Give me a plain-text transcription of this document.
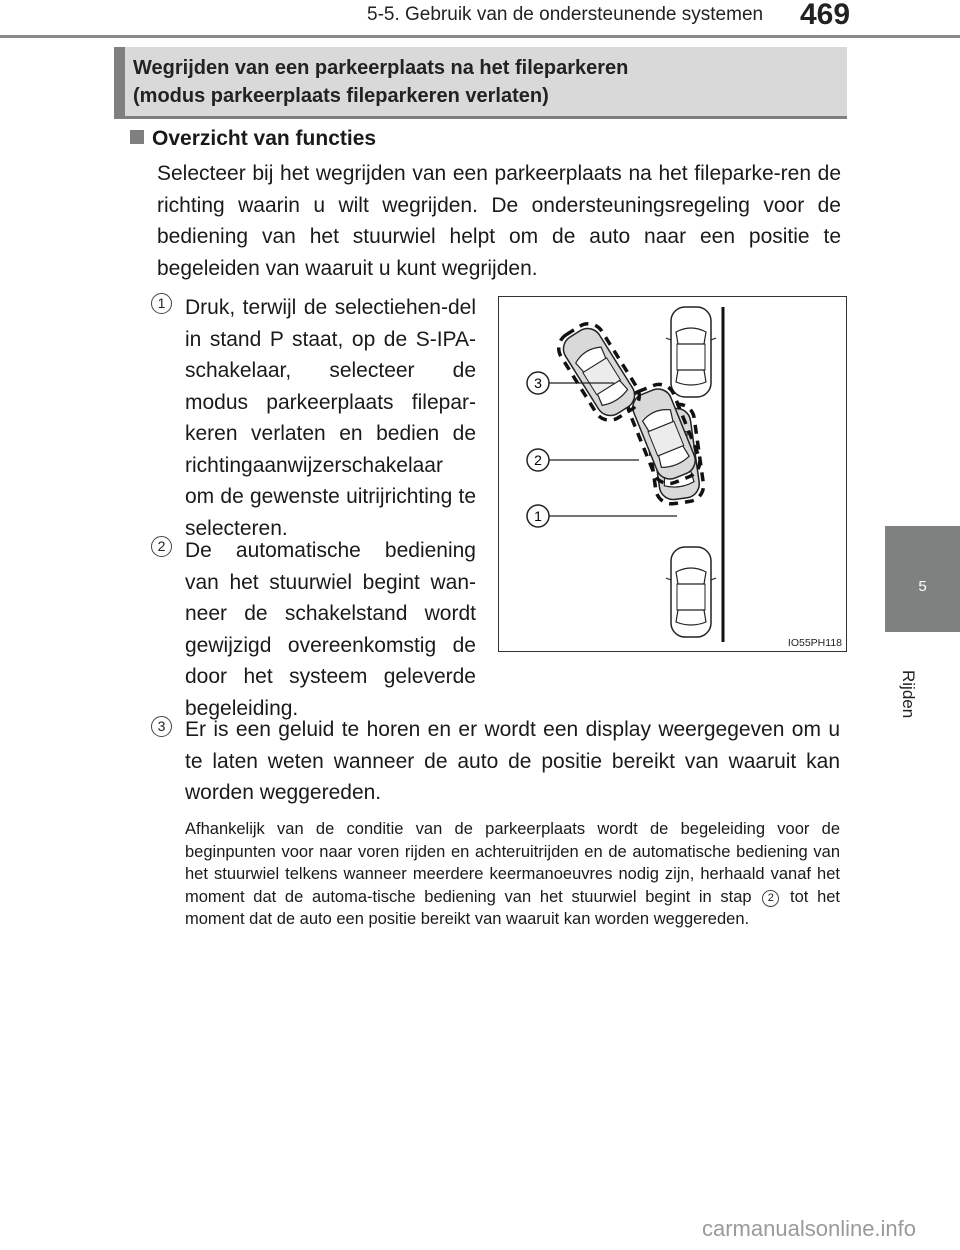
5-5. Gebruik van de ondersteunende systemen 469
5
Rijden
Wegrijden van een parkeerplaats na het fileparkeren
(modus parkeerplaats fileparkeren verlaten)
Overzicht van functies
Selecteer bij het wegrijden van een parkeerplaats na het fileparke-ren de richting waarin u wilt wegrijden. De ondersteuningsregeling voor de bediening van het stuurwiel helpt om de auto naar een positie te begeleiden van waaruit u kunt wegrijden.
1 Druk, terwijl de selectiehen-del in stand P staat, op de S-IPA-schakelaar, selecteer de modus parkeerplaats filepar-keren verlaten en bedien de richtingaanwijzerschakelaar om de gewenste uitrijrichting te selecteren.
2 De automatische bediening van het stuurwiel begint wan-neer de schakelstand wordt gewijzigd overeenkomstig de door het systeem geleverde begeleiding.
3 Er is een geluid te horen en er wordt een display weergegeven om u te laten weten wanneer de auto de positie bereikt van waaruit kan worden weggereden.
Afhankelijk van de conditie van de parkeerplaats wordt de begeleiding voor de beginpunten voor naar voren rijden en achteruitrijden en de automatische bediening van het stuurwiel telkens wanneer meerdere keermanoeuvres nodig zijn, herhaald vanaf het moment dat de automa-tische bediening van het stuurwiel begint in stap 2 tot het moment dat de auto een positie bereikt van waaruit kan worden weggereden.
3
2
1
IO55PH118
carmanualsonline.info
